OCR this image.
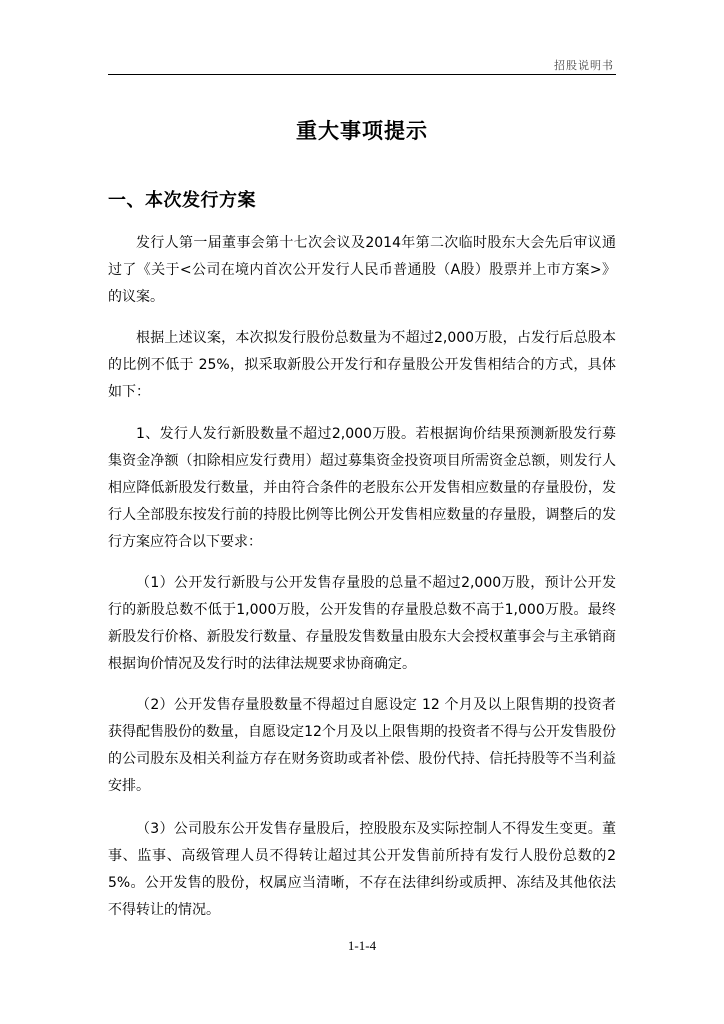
招股说明书
重大事项提示
一、本次发行方案

发行人第一届董事会第十七次会议及2014年第二次临时股东大会先后审议通过了《关于<公司在境内首次公开发行人民币普通股（A股）股票并上市方案>》的议案。

根据上述议案，本次拟发行股份总数量为不超过2,000万股，占发行后总股本的比例不低于 25%，拟采取新股公开发行和存量股公开发售相结合的方式，具体如下：

1、发行人发行新股数量不超过2,000万股。若根据询价结果预测新股发行募集资金净额（扣除相应发行费用）超过募集资金投资项目所需资金总额，则发行人相应降低新股发行数量，并由符合条件的老股东公开发售相应数量的存量股份，发行人全部股东按发行前的持股比例等比例公开发售相应数量的存量股，调整后的发行方案应符合以下要求：

（1）公开发行新股与公开发售存量股的总量不超过2,000万股，预计公开发行的新股总数不低于1,000万股，公开发售的存量股总数不高于1,000万股。最终新股发行价格、新股发行数量、存量股发售数量由股东大会授权董事会与主承销商根据询价情况及发行时的法律法规要求协商确定。

（2）公开发售存量股数量不得超过自愿设定 12 个月及以上限售期的投资者获得配售股份的数量，自愿设定12个月及以上限售期的投资者不得与公开发售股份的公司股东及相关利益方存在财务资助或者补偿、股份代持、信托持股等不当利益安排。

（3）公司股东公开发售存量股后，控股股东及实际控制人不得发生变更。董事、监事、高级管理人员不得转让超过其公开发售前所持有发行人股份总数的25%。公开发售的股份，权属应当清晰，不存在法律纠纷或质押、冻结及其他依法不得转让的情况。

1-1-4
